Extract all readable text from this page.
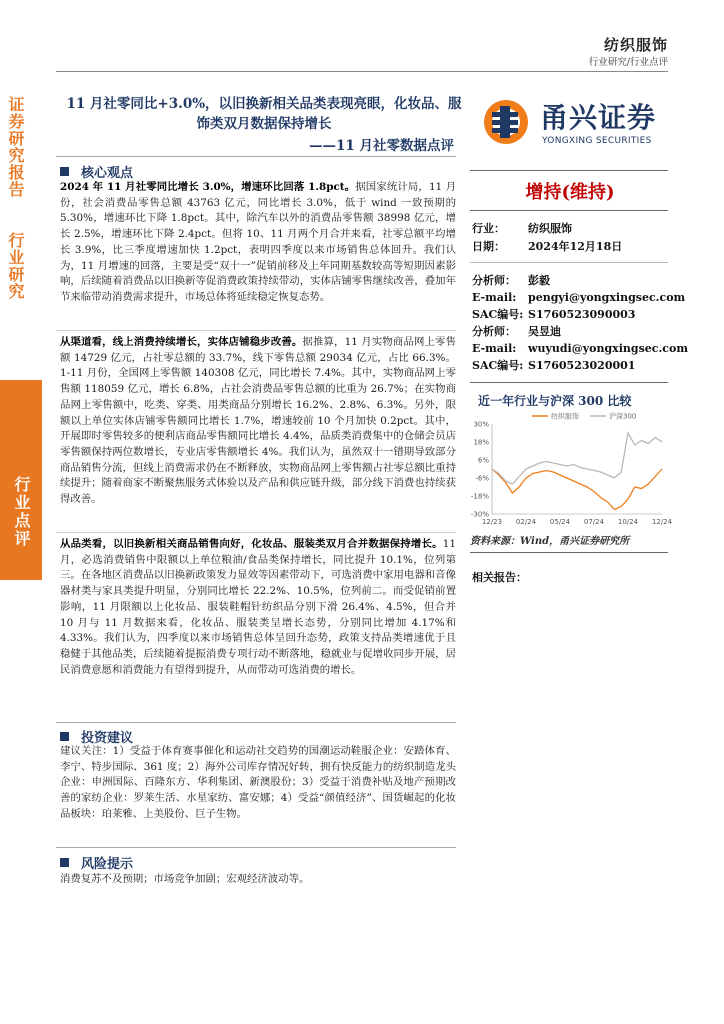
纺织服饰
行业研究/行业点评
证券研究报告 行业研究
行业点评
11 月社零同比+3.0%，以旧换新相关品类表现亮眼，化妆品、服饰类双月数据保持增长
——11 月社零数据点评
甬兴证券
YONGXING SECURITIES
增持(维持)
行业： 纺织服饰
日期： 2024年12月18日
分析师： 彭毅
E-mail: pengyi@yongxingsec.com
SAC编号: S1760523090003
分析师： 吴昱迪
E-mail: wuyudi@yongxingsec.com
SAC编号: S1760523020001
近一年行业与沪深 300 比较
30%
18%
6%
-6%
-18%
-30%
12/23 02/24 05/24 07/24 10/24 12/24
纺织服饰	沪深300
资料来源：Wind，甬兴证券研究所
相关报告：
核心观点
2024 年 11 月社零同比增长 3.0%，增速环比回落 1.8pct。据国家统计局，11 月份，社会消费品零售总额 43763 亿元，同比增长 3.0%，低于 wind 一致预期的 5.30%，增速环比下降 1.8pct。其中，除汽车以外的消费品零售额 38998 亿元，增长 2.5%，增速环比下降 2.4pct。但将 10、11 月两个月合并来看，社零总额平均增长 3.9%，比三季度增速加快 1.2pct，表明四季度以来市场销售总体回升。我们认为，11 月增速的回落，主要是受“双十一”促销前移及上年同期基数较高等短期因素影响，后续随着消费品以旧换新等促消费政策持续带动，实体店铺零售继续改善，叠加年节来临带动消费需求提升，市场总体将延续稳定恢复态势。
从渠道看，线上消费持续增长，实体店铺稳步改善。据推算，11 月实物商品网上零售额 14729 亿元，占社零总额的 33.7%，线下零售总额 29034 亿元，占比 66.3%。1-11 月份，全国网上零售额 140308 亿元，同比增长 7.4%。其中，实物商品网上零售额 118059 亿元，增长 6.8%，占社会消费品零售总额的比重为 26.7%；在实物商品网上零售额中，吃类、穿类、用类商品分别增长 16.2%、2.8%、6.3%。另外，限额以上单位实体店铺零售额同比增长 1.7%，增速较前 10 个月加快 0.2pct。其中，开展即时零售较多的便利店商品零售额同比增长 4.4%，品质类消费集中的仓储会员店零售额保持两位数增长，专业店零售额增长 4%。我们认为，虽然双十一错期导致部分商品销售分流，但线上消费需求仍在不断释放，实物商品网上零售额占社零总额比重持续提升；随着商家不断聚焦服务式体验以及产品和供应链升级，部分线下消费也持续获得改善。
从品类看，以旧换新相关商品销售向好，化妆品、服装类双月合并数据保持增长。11 月，必选消费销售中限额以上单位粮油/食品类保持增长，同比提升 10.1%，位列第三。在各地区消费品以旧换新政策发力显效等因素带动下，可选消费中家用电器和音像器材类与家具类提升明显，分别同比增长 22.2%、10.5%，位列前二。而受促销前置影响，11 月限额以上化妆品、服装鞋帽针纺织品分别下滑 26.4%、4.5%，但合并 10 月与 11 月数据来看，化妆品、服装类呈增长态势，分别同比增加 4.17%和4.33%。我们认为，四季度以来市场销售总体呈回升态势，政策支持品类增速优于且稳健于其他品类，后续随着提振消费专项行动不断落地，稳就业与促增收同步开展，居民消费意愿和消费能力有望得到提升，从而带动可选消费的增长。
投资建议
建议关注：1）受益于体育赛事催化和运动社交趋势的国潮运动鞋服企业：安踏体育、李宁、特步国际、361 度；2）海外公司库存情况好转，拥有快反能力的纺织制造龙头企业：申洲国际、百隆东方、华利集团、新澳股份；3）受益于消费补贴及地产预期改善的家纺企业：罗莱生活、水星家纺、富安娜；4）受益“颜值经济”、国货崛起的化妆品板块：珀莱雅、上美股份、巨子生物。
风险提示
消费复苏不及预期；市场竞争加剧；宏观经济波动等。
